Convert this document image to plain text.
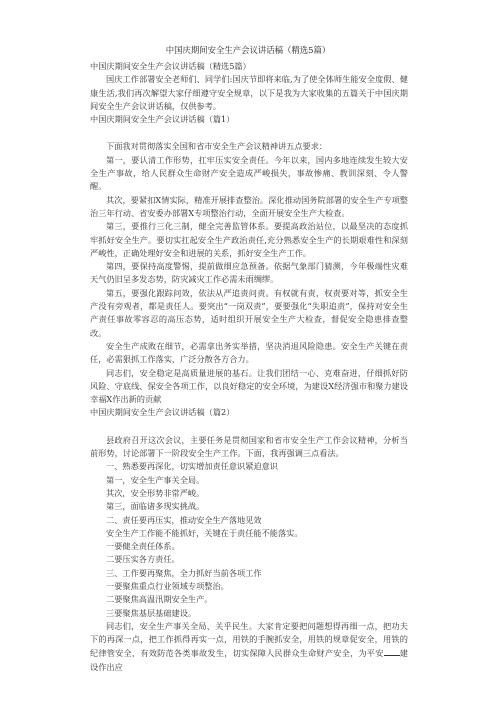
中国庆期间安全生产会议讲话稿（精选5篇）

中国庆期间安全生产会议讲话稿（精选5篇）

国庆工作部署安全老师们、同学们:国庆节即将来临,为了使全体师生能安全度假、健康生活,我们再次解望大家仔细遵守安全规章，以下是我为大家收集的五篇关于中国庆期间安全生产会议讲话稿，仅供参考。

中国庆期间安全生产会议讲话稿（篇1）

下面我对贯彻落实全国和省市安全生产会议精神讲五点要求：

第一，要认清工作形势，扛牢压实安全责任。今年以来，国内多地连续发生较大安全生产事故，给人民群众生命财产安全造成严峻损失，事故惨痛、教训深刻、令人警醒。

其次，要紧扣X情实际，精准开展排查整治。深化推动国务院部署的安全生产专项整治三年行动、省安委办部署X专项整治行动，全面开展安全生产大检查。

第三，要推行三化三制，健全完善监管体系。要提高政治站位，以最坚决的态度抓牢抓好安全生产。要切实扛起安全生产政治责任,充分熟悉安全生产的长期艰难性和深刻严峻性，正确处理好安全和进展的关系，抓好安全生产工作。

第四，要保持高度警惕，提前做细应急预备。依据气象部门猜测，今年极端性灾难天气仍旧呈多发态势，防灾减灾工作必需未雨绸缪。

第五，要强化跟踪问效，依法从严追责问责。有权就有责，权责要对等，抓安全生产没有旁观者，都是责任人。要突出“一岗双责”，要要强化“失职追责”，保持对安全生产责任事故零容忍的高压态势，适时组织开展安全生产大检查，督促安全隐患排查整改。

安全生产成败在细节，必需拿出务实举措，坚决消退风险隐患。安全生产关键在责任，必需狠抓工作落实，广泛分散各方合力。

同志们，安全稳定是高质量进展的基石。让我们团结一心、克难奋进，仔细抓好防风险、守底线、保安全各项工作，以良好稳定的安全环境，为建设X经济强市和聚力建设幸福X作出新的贡献

中国庆期间安全生产会议讲话稿（篇2）

县政府召开这次会议，主要任务是贯彻国家和省市安全生产工作会议精神，分析当前形势，讨论部署下一阶段安全生产工作。下面，我再强调三点看法。

一、熟悉要再深化，切实增加责任意识紧迫意识

第一，安全生产事关全局。

其次，安全形势非常严峻。

第三，面临诸多现实挑战。

二、责任要再压实，推动安全生产落地见效

安全生产工作能不能抓好，关键在于责任能不能落实。

一要健全责任体系。

二要压实各方责任。

三、工作要再聚焦，全力抓好当前各项工作

一要聚焦重点行业领域专项整治。

二要聚焦高温汛期安全生产。

三要聚焦基层基础建设。

同志们，安全生产事关全局、关乎民生。大家肯定要把问题想得再细一点，把功夫下的再深一点，把工作抓得再实一点，用铁的手腕抓安全，用铁的规章促安全，用铁的纪律管安全，有效防范各类事故发生，切实保障人民群众生命财产安全，为平安 建设作出应
